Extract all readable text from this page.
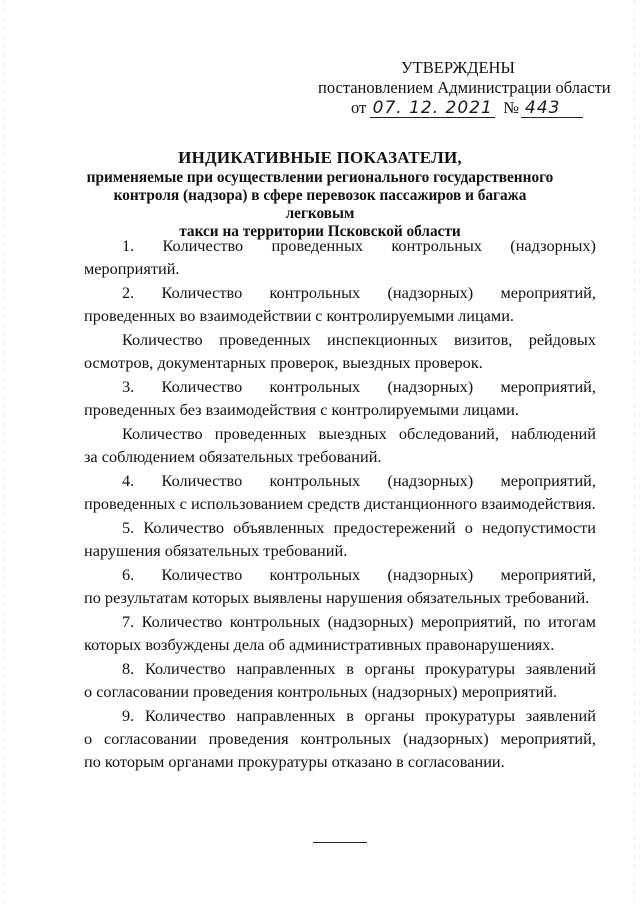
УТВЕРЖДЕНЫ
постановлением Администрации области
от 07. 12. 2021 № 443
ИНДИКАТИВНЫЕ ПОКАЗАТЕЛИ,
применяемые при осуществлении регионального государственного
контроля (надзора) в сфере перевозок пассажиров и багажа легковым
такси на территории Псковской области
1. Количество проведенных контрольных (надзорных)
мероприятий.
2. Количество контрольных (надзорных) мероприятий,
проведенных во взаимодействии с контролируемыми лицами.
Количество проведенных инспекционных визитов, рейдовых
осмотров, документарных проверок, выездных проверок.
3. Количество контрольных (надзорных) мероприятий,
проведенных без взаимодействия с контролируемыми лицами.
Количество проведенных выездных обследований, наблюдений
за соблюдением обязательных требований.
4. Количество контрольных (надзорных) мероприятий,
проведенных с использованием средств дистанционного взаимодействия.
5. Количество объявленных предостережений о недопустимости
нарушения обязательных требований.
6. Количество контрольных (надзорных) мероприятий,
по результатам которых выявлены нарушения обязательных требований.
7. Количество контрольных (надзорных) мероприятий, по итогам
которых возбуждены дела об административных правонарушениях.
8. Количество направленных в органы прокуратуры заявлений
о согласовании проведения контрольных (надзорных) мероприятий.
9. Количество направленных в органы прокуратуры заявлений
о согласовании проведения контрольных (надзорных) мероприятий,
по которым органами прокуратуры отказано в согласовании.
